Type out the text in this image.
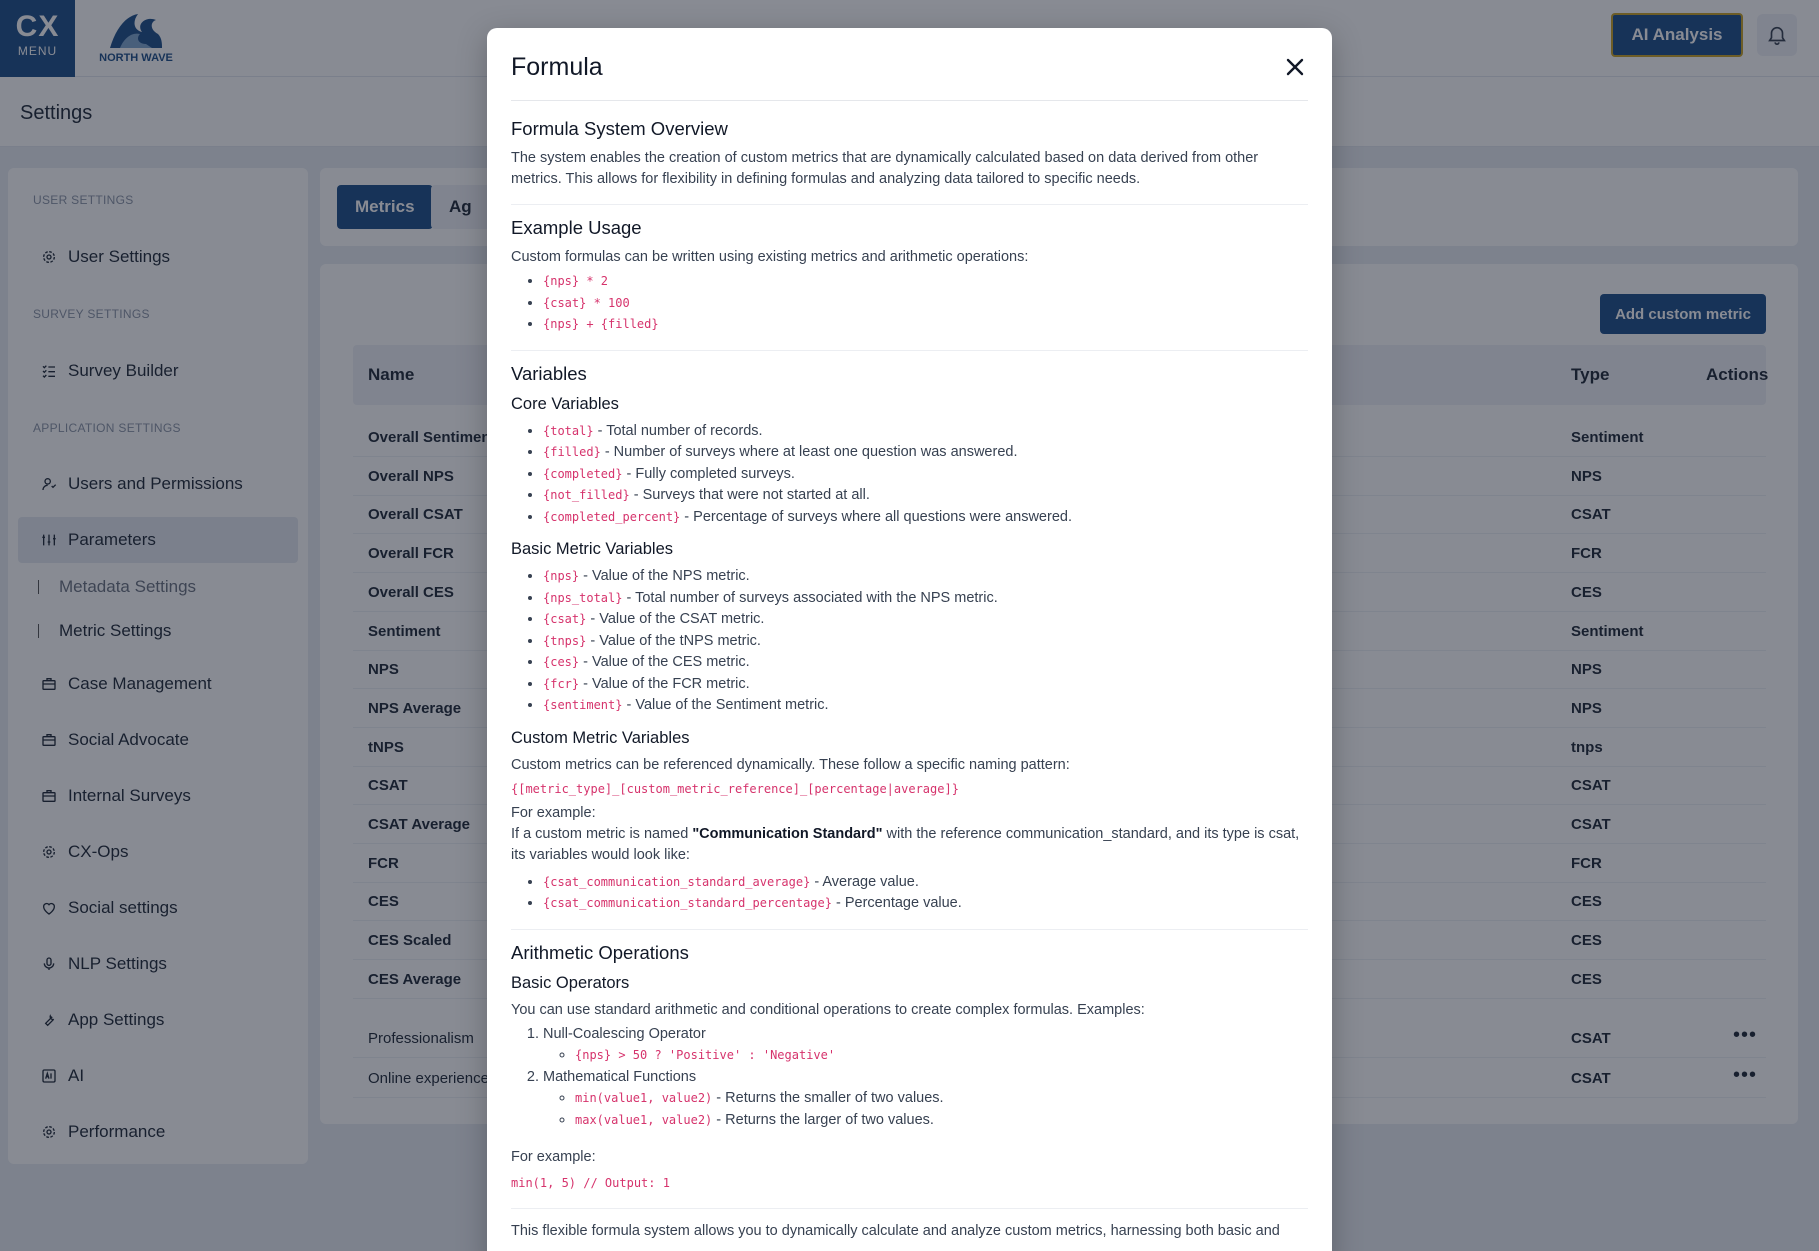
Formula
Formula System Overview

The system enables the creation of custom metrics that are dynamically calculated based on data derived from other metrics. This allows for flexibility in defining formulas and analyzing data tailored to specific needs.

Example Usage

Custom formulas can be written using existing metrics and arithmetic operations:

• {nps} * 2
• {csat} * 100
• {nps} + {filled}
Variables
Core Variables
• {total} - Total number of records.
• {filled} - Number of surveys where at least one question was answered.
• {completed} - Fully completed surveys.
• {not_filled} - Surveys that were not started at all.
• {completed_percent} - Percentage of surveys where all questions were answered.
Basic Metric Variables
• {nps} - Value of the NPS metric.
• {nps_total} - Total number of surveys associated with the NPS metric.
• {csat} - Value of the CSAT metric.
• {tnps} - Value of the tNPS metric.
• {ces} - Value of the CES metric.
• {fcr} - Value of the FCR metric.
• {sentiment} - Value of the Sentiment metric.
Custom Metric Variables

Custom metrics can be referenced dynamically. These follow a specific naming pattern:

{[metric_type]_[custom_metric_reference]_[percentage|average]}

For example:

If a custom metric is named "Communication Standard" with the reference communication_standard, and its type is csat, its variables would look like:

• {csat_communication_standard_average} - Average value.
• {csat_communication_standard_percentage} - Percentage value.
Arithmetic Operations
Basic Operators

You can use standard arithmetic and conditional operations to create complex formulas. Examples:

1. Null-Coalescing Operator
◦ {nps} > 50 ? 'Positive' : 'Negative'
2. Mathematical Functions
◦ min(value1, value2) - Returns the smaller of two values.
◦ max(value1, value2) - Returns the larger of two values.

For example:

min(1, 5) // Output: 1

This flexible formula system allows you to dynamically calculate and analyze custom metrics, harnessing both basic and
